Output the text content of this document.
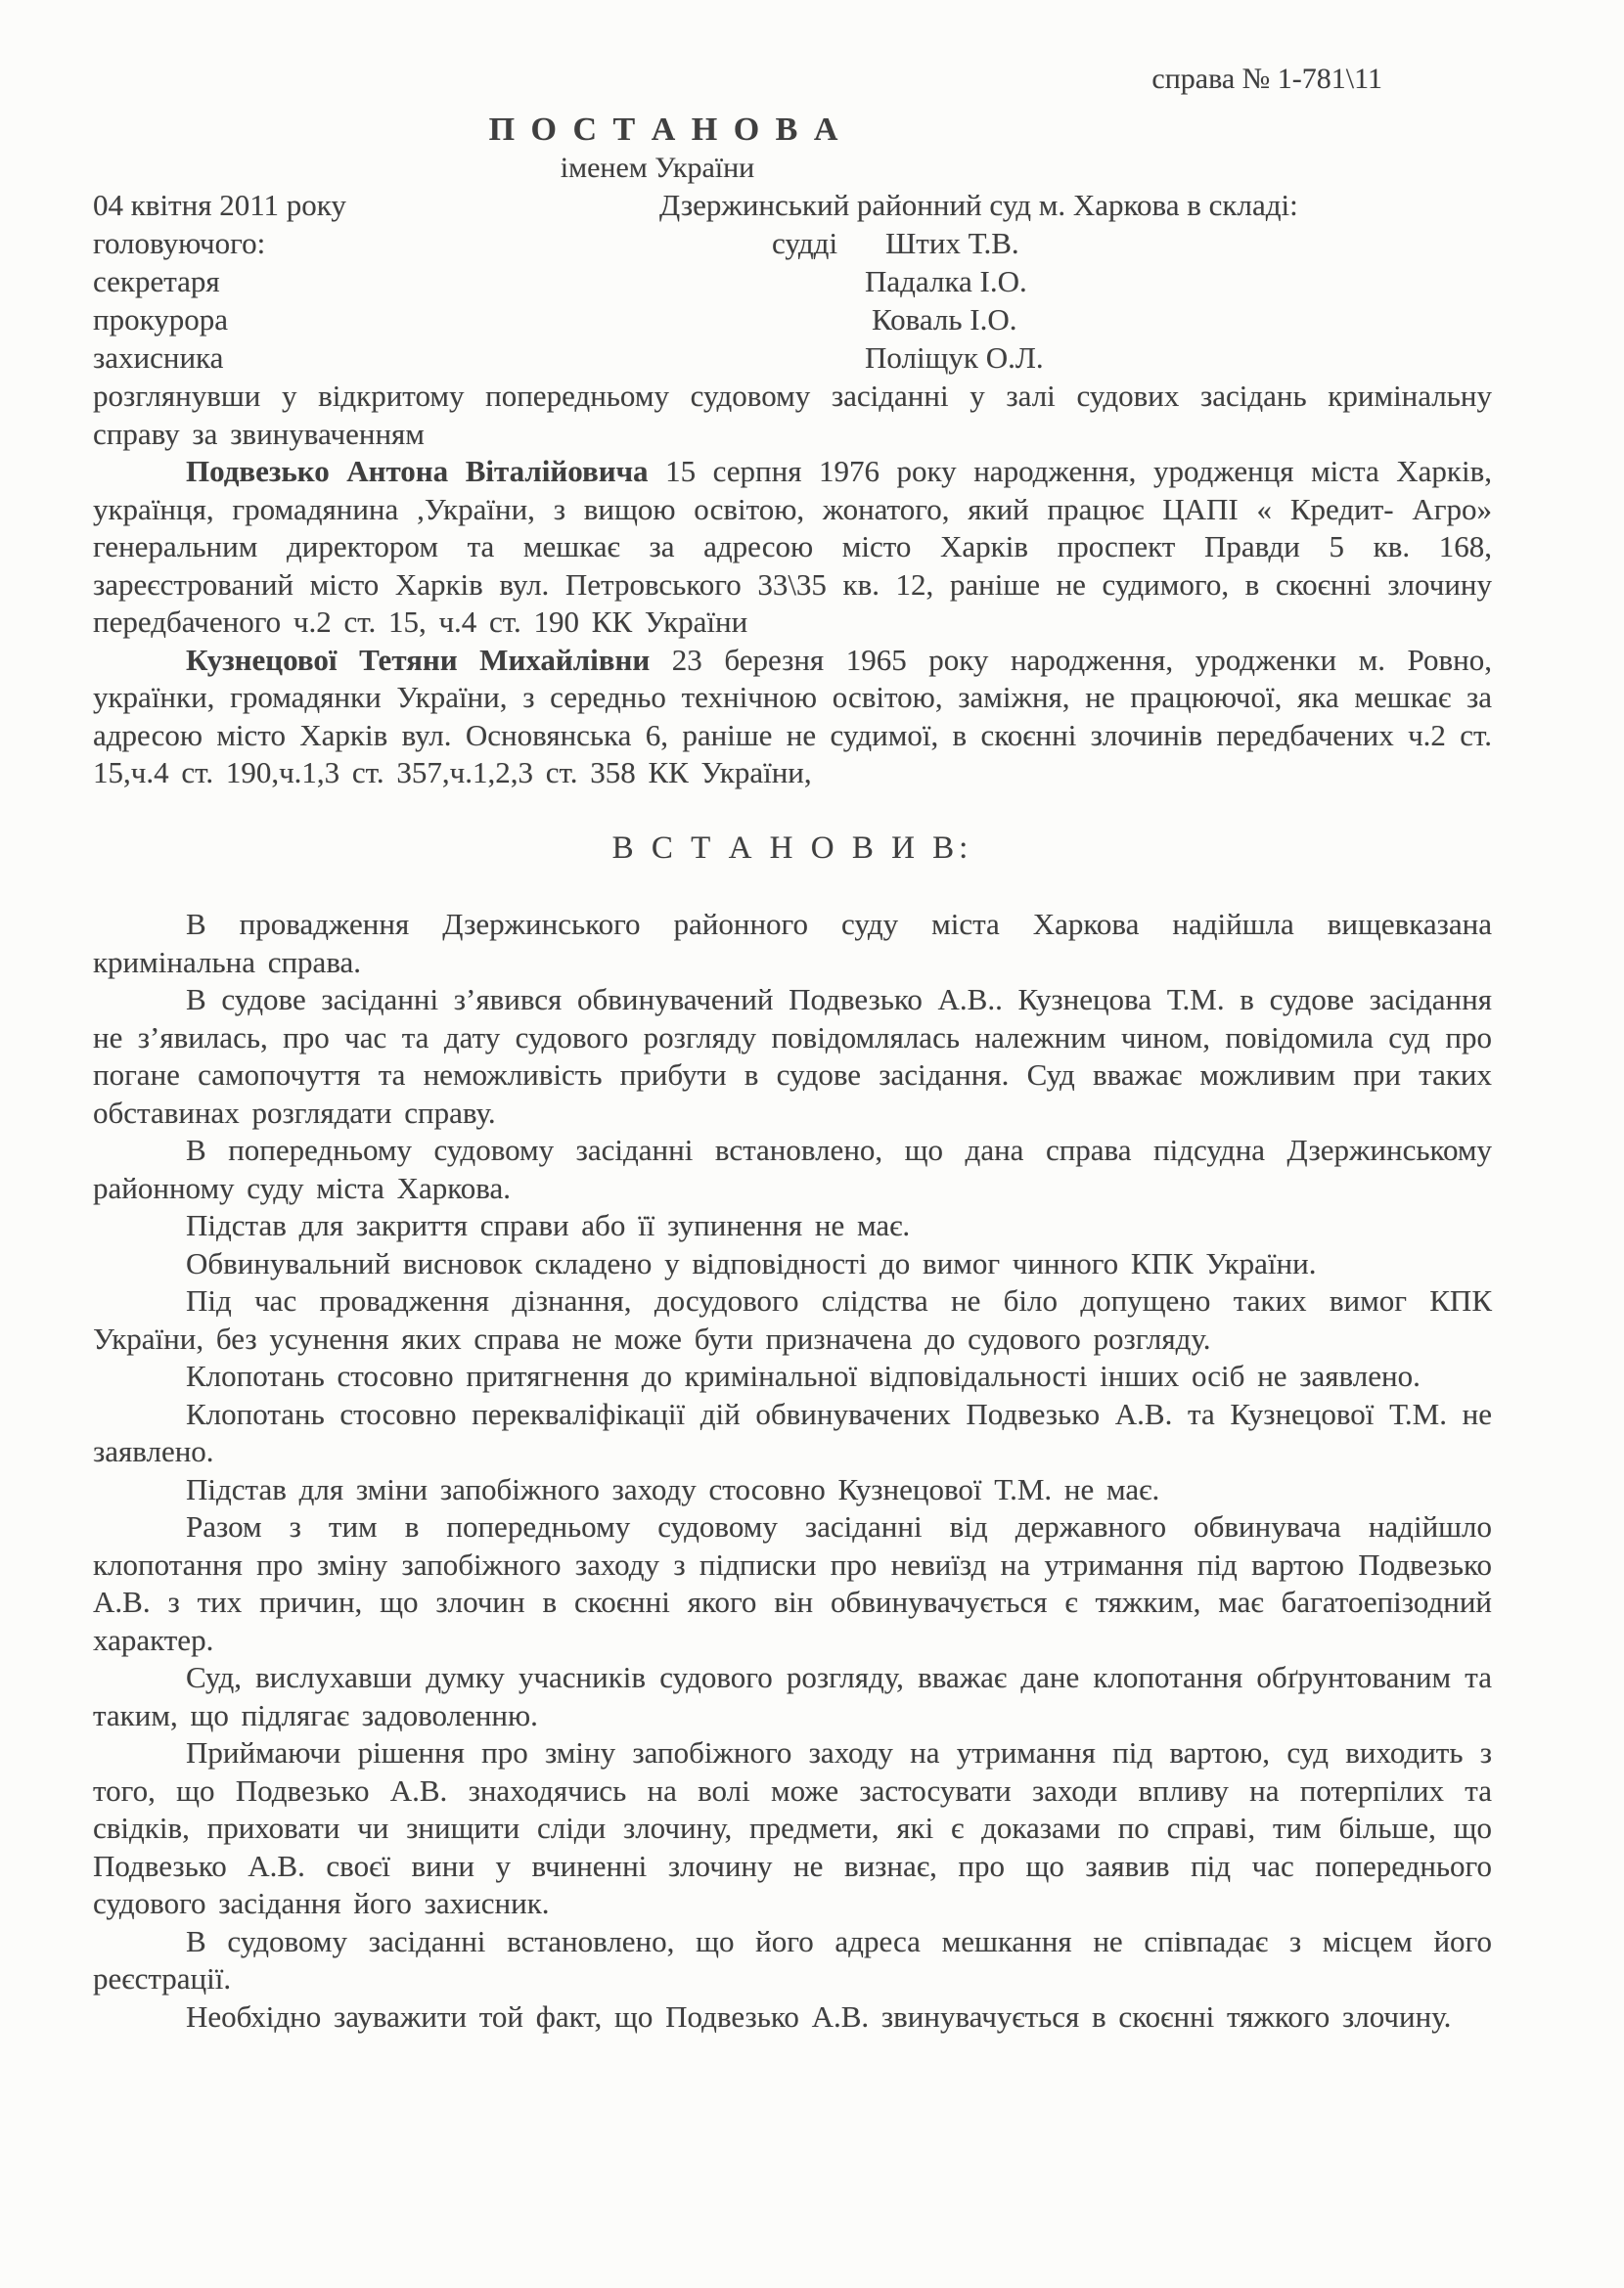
справа № 1-781\11
П О С Т А Н О В А
іменем України
04 квітня 2011 року	Дзержинський районний суд м. Харкова в складі:
головуючого:	судді Штих Т.В.
секретаря	Падалка І.О.
прокурора	Коваль І.О.
захисника	Поліщук О.Л.
розглянувши у відкритому попередньому судовому засіданні у залі судових засідань кримінальну справу за звинуваченням
Подвезько Антона Віталійовича 15 серпня 1976 року народження, уродженця міста Харків, українця, громадянина ,України, з вищою освітою, жонатого, який працює ЦАПІ « Кредит- Агро» генеральним директором та мешкає за адресою місто Харків проспект Правди 5 кв. 168, зареєстрований місто Харків вул. Петровського 33\35 кв. 12, раніше не судимого, в скоєнні злочину передбаченого ч.2 ст. 15, ч.4 ст. 190 КК України
Кузнецової Тетяни Михайлівни 23 березня 1965 року народження, уродженки м. Ровно, українки, громадянки України, з середньо технічною освітою, заміжня, не працюючої, яка мешкає за адресою місто Харків вул. Основянська 6, раніше не судимої, в скоєнні злочинів передбачених ч.2 ст. 15,ч.4 ст. 190,ч.1,3 ст. 357,ч.1,2,3 ст. 358 КК України,
В С Т А Н О В И В:
В провадження Дзержинського районного суду міста Харкова надійшла вищевказана кримінальна справа.
В судове засіданні з’явився обвинувачений Подвезько А.В.. Кузнецова Т.М. в судове засідання не з’явилась, про час та дату судового розгляду повідомлялась належним чином, повідомила суд про погане самопочуття та неможливість прибути в судове засідання. Суд вважає можливим при таких обставинах розглядати справу.
В попередньому судовому засіданні встановлено, що дана справа підсудна Дзержинському районному суду міста Харкова.
Підстав для закриття справи або її зупинення не має.
Обвинувальний висновок складено у відповідності до вимог чинного КПК України.
Під час провадження дізнання, досудового слідства не біло допущено таких вимог КПК України, без усунення яких справа не може бути призначена до судового розгляду.
Клопотань стосовно притягнення до кримінальної відповідальності інших осіб не заявлено.
Клопотань стосовно перекваліфікації дій обвинувачених Подвезько А.В. та Кузнецової Т.М. не заявлено.
Підстав для зміни запобіжного заходу стосовно Кузнецової Т.М. не має.
Разом з тим в попередньому судовому засіданні від державного обвинувача надійшло клопотання про зміну запобіжного заходу з підписки про невиїзд на утримання під вартою Подвезько А.В. з тих причин, що злочин в скоєнні якого він обвинувачується є тяжким, має багатоепізодний характер.
Суд, вислухавши думку учасників судового розгляду, вважає дане клопотання обґрунтованим та таким, що підлягає задоволенню.
Приймаючи рішення про зміну запобіжного заходу на утримання під вартою, суд виходить з того, що Подвезько А.В. знаходячись на волі може застосувати заходи впливу на потерпілих та свідків, приховати чи знищити сліди злочину, предмети, які є доказами по справі, тим більше, що Подвезько А.В. своєї вини у вчиненні злочину не визнає, про що заявив під час попереднього судового засідання його захисник.
В судовому засіданні встановлено, що його адреса мешкання не співпадає з місцем його реєстрації.
Необхідно зауважити той факт, що Подвезько А.В. звинувачується в скоєнні тяжкого злочину.
